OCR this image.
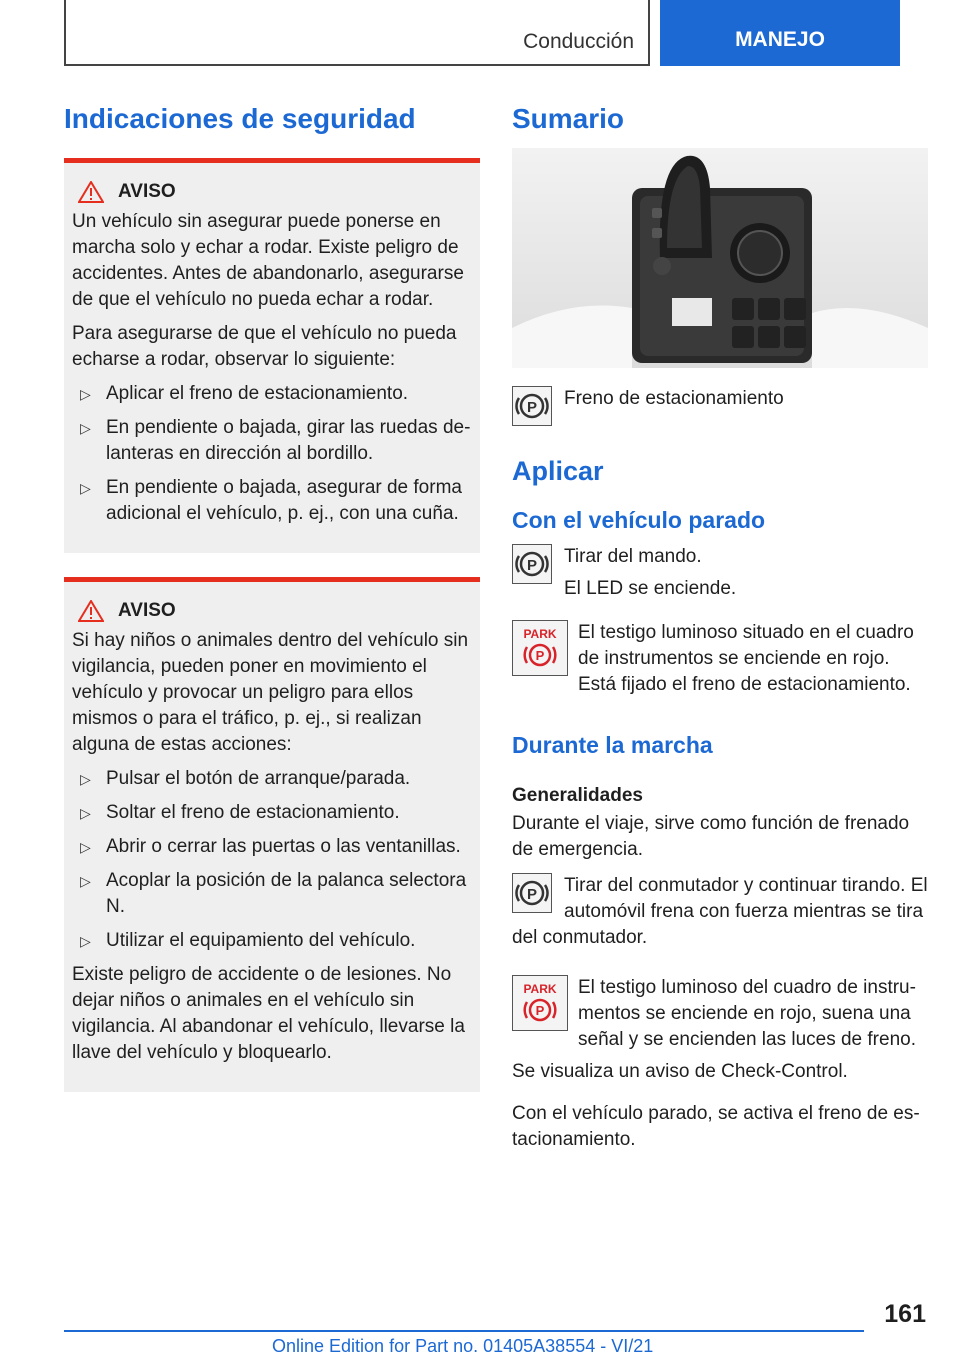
Conducción	MANEJO
Indicaciones de seguridad
AVISO

Un vehículo sin asegurar puede ponerse en marcha solo y echar a rodar. Existe peligro de accidentes. Antes de abandonarlo, asegurarse de que el vehículo no pueda echar a rodar.

Para asegurarse de que el vehículo no pueda echarse a rodar, observar lo siguiente:

▷ Aplicar el freno de estacionamiento.
▷ En pendiente o bajada, girar las ruedas delanteras en dirección al bordillo.
▷ En pendiente o bajada, asegurar de forma adicional el vehículo, p. ej., con una cuña.
AVISO

Si hay niños o animales dentro del vehículo sin vigilancia, pueden poner en movimiento el vehículo y provocar un peligro para ellos mismos o para el tráfico, p. ej., si realizan alguna de estas acciones:

▷ Pulsar el botón de arranque/parada.
▷ Soltar el freno de estacionamiento.
▷ Abrir o cerrar las puertas o las ventanillas.
▷ Acoplar la posición de la palanca selectora N.
▷ Utilizar el equipamiento del vehículo.

Existe peligro de accidente o de lesiones. No dejar niños o animales en el vehículo sin vigilancia. Al abandonar el vehículo, llevarse la llave del vehículo y bloquearlo.

Sumario
P Freno de estacionamiento
Aplicar
Con el vehículo parado
P Tirar del mando.
El LED se enciende.
PARK
P
El testigo luminoso situado en el cuadro de instrumentos se enciende en rojo. Está fijado el freno de estacionamiento.
Durante la marcha
Generalidades

Durante el viaje, sirve como función de frenado de emergencia.

P Tirar del conmutador y continuar tirando. El automóvil frena con fuerza mientras se tira
del conmutador.
PARK
P
El testigo luminoso del cuadro de instrumentos se enciende en rojo, suena una señal y se encienden las luces de freno.

Se visualiza un aviso de Check-Control.

Con el vehículo parado, se activa el freno de estacionamiento.

161
Online Edition for Part no. 01405A38554 - VI/21
